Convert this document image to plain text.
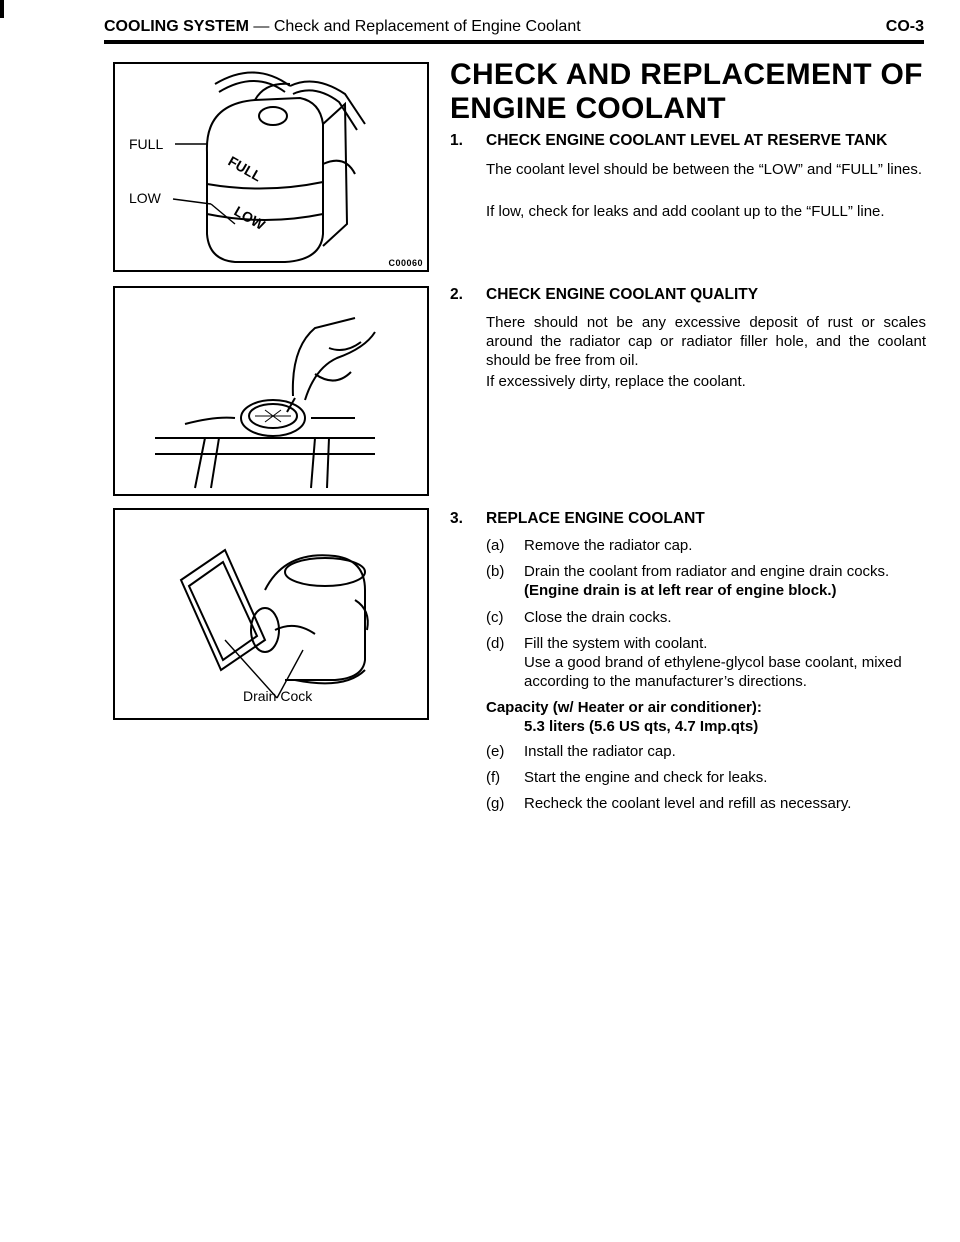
COOLING SYSTEM — Check and Replacement of Engine Coolant	CO-3
FULL
LOW
FULL
LOW
C00060
Drain Cock
CHECK AND REPLACEMENT OF
ENGINE COOLANT
1. CHECK ENGINE COOLANT LEVEL AT RESERVE TANK
The coolant level should be between the “LOW” and “FULL” lines.
If low, check for leaks and add coolant up to the “FULL” line.
2. CHECK ENGINE COOLANT QUALITY
There should not be any excessive deposit of rust or scales around the radiator cap or radiator filler hole, and the coolant should be free from oil.
If excessively dirty, replace the coolant.
3. REPLACE ENGINE COOLANT
(a) Remove the radiator cap.
(b) Drain the coolant from radiator and engine drain cocks. (Engine drain is at left rear of engine block.)
(c) Close the drain cocks.
(d) Fill the system with coolant.
Use a good brand of ethylene-glycol base coolant, mixed according to the manufacturer’s directions.
Capacity (w/ Heater or air conditioner):
5.3 liters (5.6 US qts, 4.7 Imp.qts)
(e) Install the radiator cap.
(f) Start the engine and check for leaks.
(g) Recheck the coolant level and refill as necessary.
